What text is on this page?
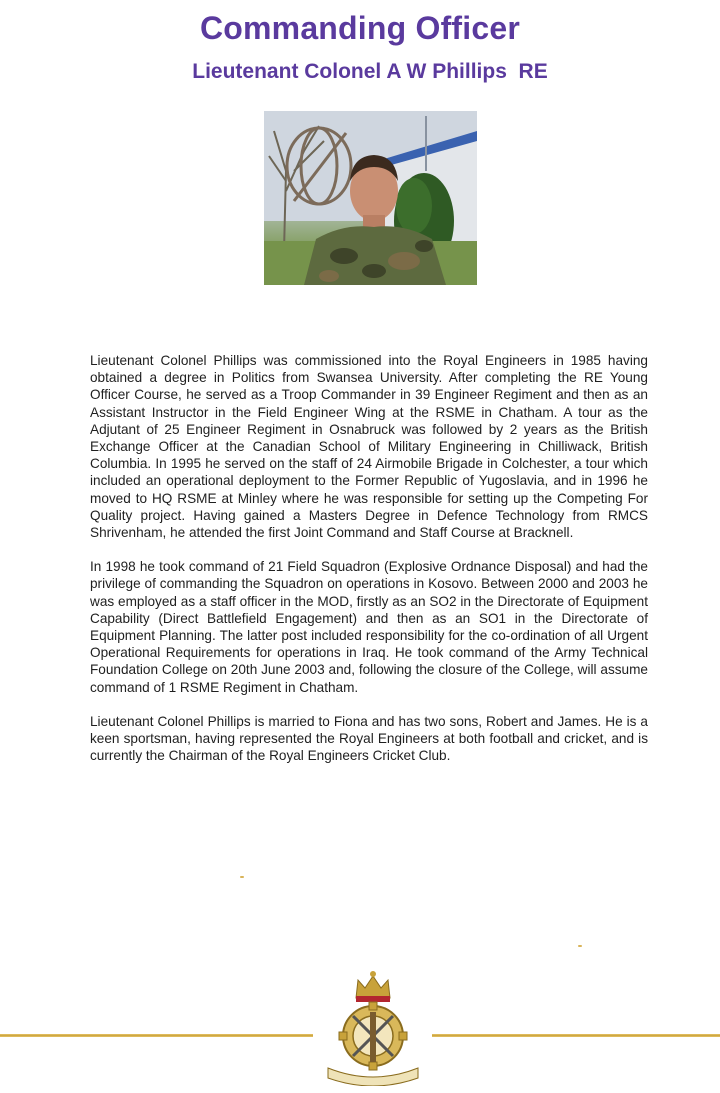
Commanding Officer
Lieutenant Colonel A W Phillips  RE

Lieutenant Colonel Phillips was commissioned into the Royal Engineers in 1985 having obtained a degree in Politics from Swansea University. After completing the RE Young Officer Course, he served as a Troop Commander in 39 Engineer Regiment and then as an Assistant Instructor in the Field Engineer Wing at the RSME in Chatham. A tour as the Adjutant of 25 Engineer Regiment in Osnabruck was followed by 2 years as the British Exchange Officer at the Canadian School of Military Engineering in Chilliwack, British Columbia. In 1995 he served on the staff of 24 Airmobile Brigade in Colchester, a tour which included an operational deployment to the Former Republic of Yugoslavia, and in 1996 he moved to HQ RSME at Minley where he was responsible for setting up the Competing For Quality project. Having gained a Masters Degree in Defence Technology from RMCS Shrivenham, he attended the first Joint Command and Staff Course at Bracknell.

In 1998 he took command of 21 Field Squadron (Explosive Ordnance Disposal) and had the privilege of commanding the Squadron on operations in Kosovo. Between 2000 and 2003 he was employed as a staff officer in the MOD, firstly as an SO2 in the Directorate of Equipment Capability (Direct Battlefield Engagement) and then as an SO1 in the Directorate of Equipment Planning. The latter post included responsibility for the co-ordination of all Urgent Operational Requirements for operations in Iraq. He took command of the Army Technical Foundation College on 20th June 2003 and, following the closure of the College, will assume command of 1 RSME Regiment in Chatham.

Lieutenant Colonel Phillips is married to Fiona and has two sons, Robert and James. He is a keen sportsman, having represented the Royal Engineers at both football and cricket, and is currently the Chairman of the Royal Engineers Cricket Club.
